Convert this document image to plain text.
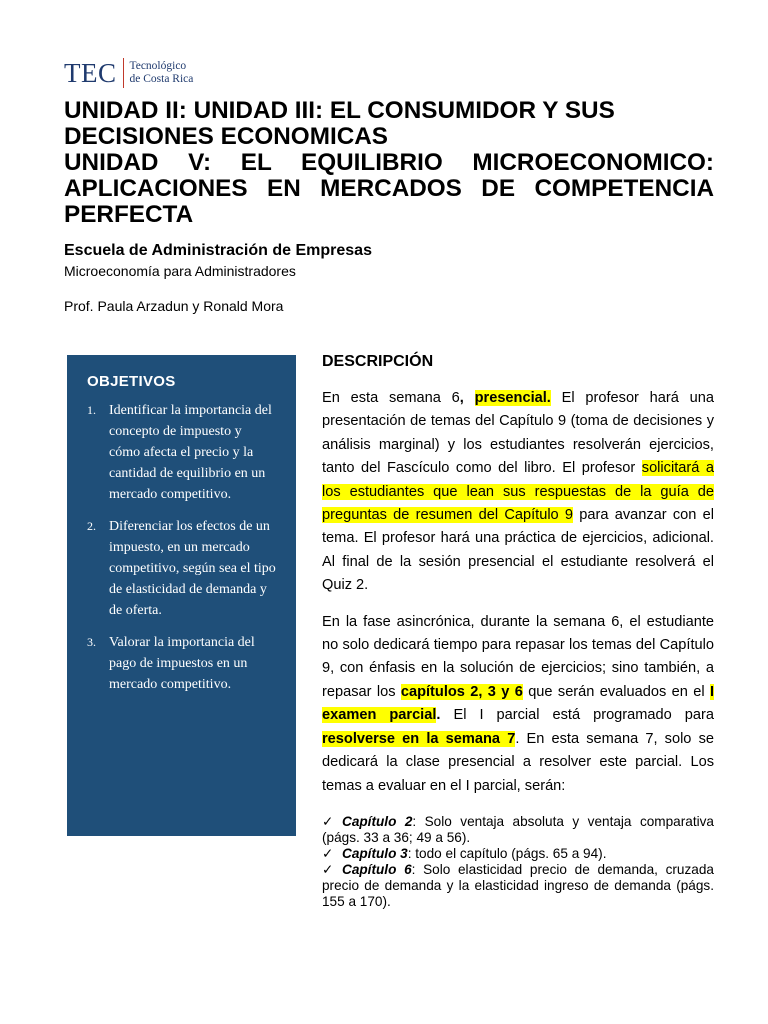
TEC Tecnológico
de Costa Rica
UNIDAD II: UNIDAD III: EL CONSUMIDOR Y SUS
DECISIONES ECONOMICAS
UNIDAD V: EL EQUILIBRIO MICROECONOMICO:
APLICACIONES EN MERCADOS DE COMPETENCIA
PERFECTA
Escuela de Administración de Empresas
Microeconomía para Administradores
Prof. Paula Arzadun y Ronald Mora
OBJETIVOS
1. Identificar la importancia del concepto de impuesto y cómo afecta el precio y la cantidad de equilibrio en un mercado competitivo.
2. Diferenciar los efectos de un impuesto, en un mercado competitivo, según sea el tipo de elasticidad de demanda y de oferta.
3. Valorar la importancia del pago de impuestos en un mercado competitivo.
DESCRIPCIÓN

En esta semana 6, presencial. El profesor hará una presentación de temas del Capítulo 9 (toma de decisiones y análisis marginal) y los estudiantes resolverán ejercicios, tanto del Fascículo como del libro. El profesor solicitará a los estudiantes que lean sus respuestas de la guía de preguntas de resumen del Capítulo 9 para avanzar con el tema. El profesor hará una práctica de ejercicios, adicional. Al final de la sesión presencial el estudiante resolverá el Quiz 2.

En la fase asincrónica, durante la semana 6, el estudiante no solo dedicará tiempo para repasar los temas del Capítulo 9, con énfasis en la solución de ejercicios; sino también, a repasar los capítulos 2, 3 y 6 que serán evaluados en el I examen parcial. El I parcial está programado para resolverse en la semana 7. En esta semana 7, solo se dedicará la clase presencial a resolver este parcial. Los temas a evaluar en el I parcial, serán:

✓ Capítulo 2: Solo ventaja absoluta y ventaja comparativa (págs. 33 a 36; 49 a 56).

✓ Capítulo 3: todo el capítulo (págs. 65 a 94).

✓ Capítulo 6: Solo elasticidad precio de demanda, cruzada precio de demanda y la elasticidad ingreso de demanda (págs. 155 a 170).
